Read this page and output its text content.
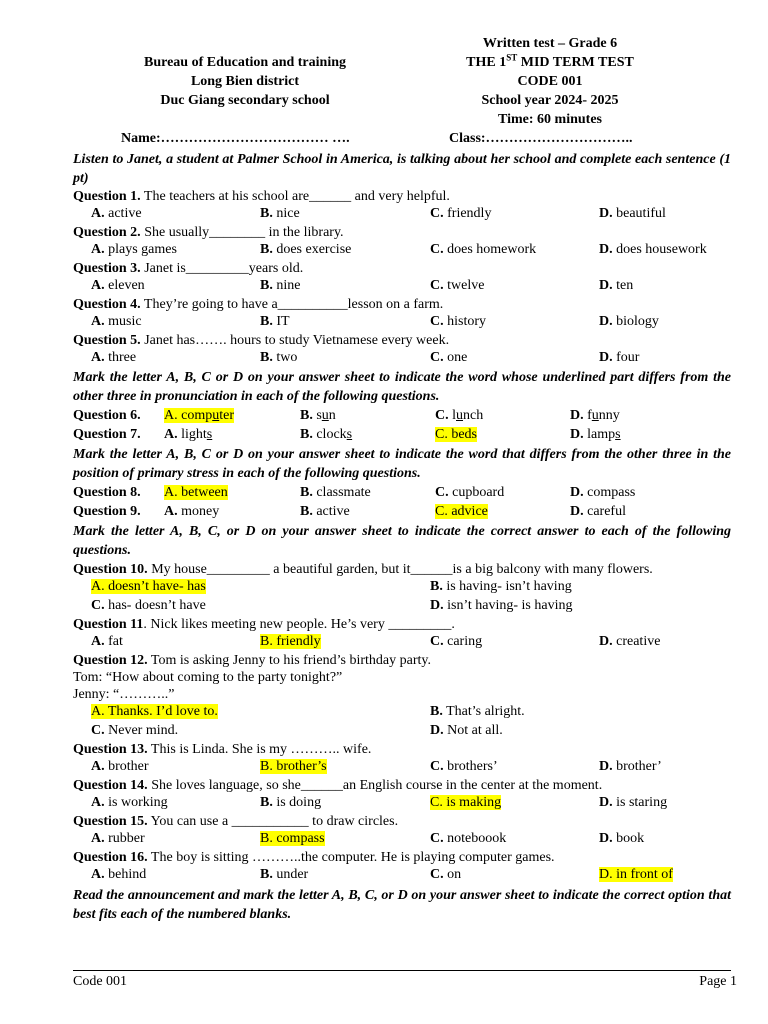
Written test – Grade 6
Bureau of Education and training	THE 1ST MID TERM TEST
Long Bien district	CODE 001
Duc Giang secondary school	School year 2024- 2025
Time: 60 minutes
Name:……………………………… ….	Class:…………………………..
Listen to Janet, a student at Palmer School in America, is talking about her school and complete each sentence (1 pt)
Question 1. The teachers at his school are______ and very helpful.
A. active	B. nice	C. friendly	D. beautiful
Question 2. She usually________ in the library.
A. plays games	B. does exercise	C. does homework	D. does housework
Question 3. Janet is_________years old.
A. eleven	B. nine	C. twelve	D. ten
Question 4. They’re going to have a__________lesson on a farm.
A. music	B. IT	C. history	D. biology
Question 5. Janet has……. hours to study Vietnamese every week.
A. three	B. two	C. one	D. four
Mark the letter A, B, C or D on your answer sheet to indicate the word whose underlined part differs from the other three in pronunciation in each of the following questions.
Question 6. A. computer	B. sun	C. lunch	D. funny
Question 7. A. lights	B. clocks	C. beds	D. lamps
Mark the letter A, B, C or D on your answer sheet to indicate the word that differs from the other three in the position of primary stress in each of the following questions.
Question 8. A. between	B. classmate	C. cupboard	D. compass
Question 9. A. money	B. active	C. advice	D. careful
Mark the letter A, B, C, or D on your answer sheet to indicate the correct answer to each of the following questions.
Question 10. My house_________ a beautiful garden, but it______is a big balcony with many flowers.
A. doesn’t have- has	B. is having- isn’t having
C. has- doesn’t have	D. isn’t having- is having
Question 11. Nick likes meeting new people. He’s very _________.
A. fat	B. friendly	C. caring	D. creative
Question 12. Tom is asking Jenny to his friend’s birthday party.
Tom: “How about coming to the party tonight?”
Jenny: “………..”
A. Thanks. I’d love to.	B. That’s alright.
C. Never mind.	D. Not at all.
Question 13. This is Linda. She is my ……….. wife.
A. brother	B. brother’s	C. brothers’	D. brother’
Question 14. She loves language, so she______an English course in the center at the moment.
A. is working	B. is doing	C. is making	D. is staring
Question 15. You can use a ___________ to draw circles.
A. rubber	B. compass	C. noteboook	D. book
Question 16. The boy is sitting ………..the computer. He is playing computer games.
A. behind	B. under	C. on	D. in front of
Read the announcement and mark the letter A, B, C, or D on your answer sheet to indicate the correct option that best fits each of the numbered blanks.
Code 001	Page 1
